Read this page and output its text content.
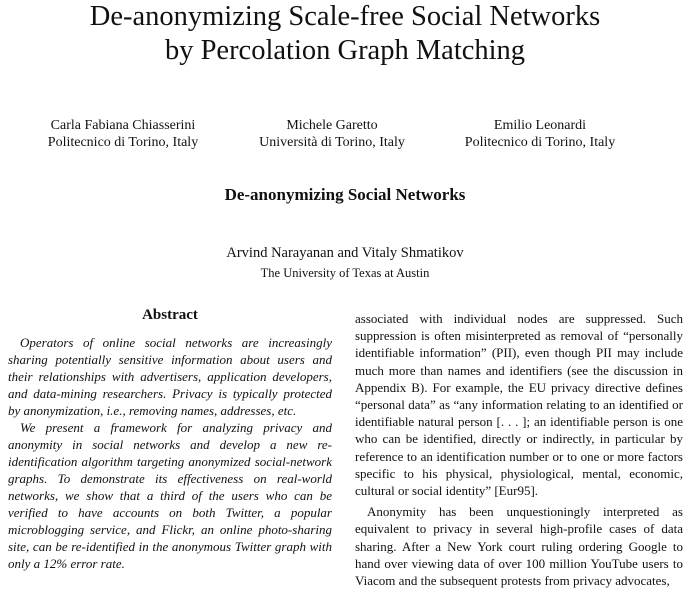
De-anonymizing Scale-free Social Networks
by Percolation Graph Matching
Carla Fabiana Chiasserini
Politecnico di Torino, Italy
Michele Garetto
Università di Torino, Italy
Emilio Leonardi
Politecnico di Torino, Italy
De-anonymizing Social Networks
Arvind Narayanan and Vitaly Shmatikov
The University of Texas at Austin
Abstract

Operators of online social networks are increasingly sharing potentially sensitive information about users and their relationships with advertisers, application developers, and data-mining researchers. Privacy is typically protected by anonymization, i.e., removing names, addresses, etc.

We present a framework for analyzing privacy and anonymity in social networks and develop a new re-identification algorithm targeting anonymized social-network graphs. To demonstrate its effectiveness on real-world networks, we show that a third of the users who can be verified to have accounts on both Twitter, a popular microblogging service, and Flickr, an online photo-sharing site, can be re-identified in the anonymous Twitter graph with only a 12% error rate.

associated with individual nodes are suppressed. Such suppression is often misinterpreted as removal of “personally identifiable information” (PII), even though PII may include much more than names and identifiers (see the discussion in Appendix B). For example, the EU privacy directive defines “personal data” as “any information relating to an identified or identifiable natural person [. . . ]; an identifiable person is one who can be identified, directly or indirectly, in particular by reference to an identification number or to one or more factors specific to his physical, physiological, mental, economic, cultural or social identity” [Eur95].

Anonymity has been unquestioningly interpreted as equivalent to privacy in several high-profile cases of data sharing. After a New York court ruling ordering Google to hand over viewing data of over 100 million YouTube users to Viacom and the subsequent protests from privacy advocates,
